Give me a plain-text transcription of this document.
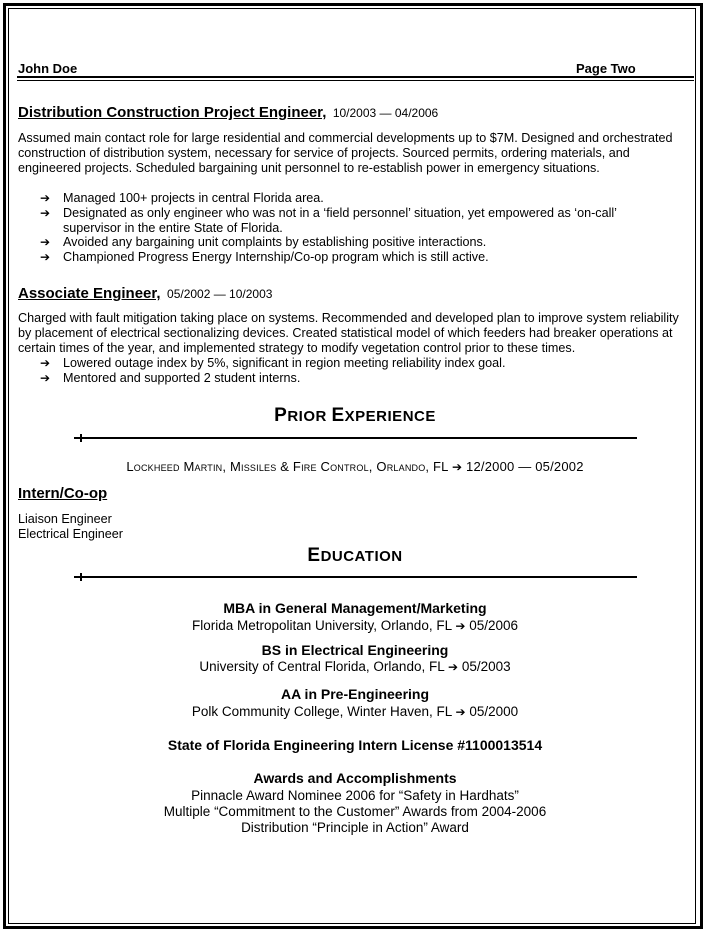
John Doe	Page Two
Distribution Construction Project Engineer, 10/2003 — 04/2006
Assumed main contact role for large residential and commercial developments up to $7M. Designed and orchestrated construction of distribution system, necessary for service of projects. Sourced permits, ordering materials, and engineered projects. Scheduled bargaining unit personnel to re-establish power in emergency situations.
➔ Managed 100+ projects in central Florida area.
➔ Designated as only engineer who was not in a ‘field personnel’ situation, yet empowered as ‘on-call’ supervisor in the entire State of Florida.
➔ Avoided any bargaining unit complaints by establishing positive interactions.
➔ Championed Progress Energy Internship/Co-op program which is still active.
Associate Engineer, 05/2002 — 10/2003
Charged with fault mitigation taking place on systems. Recommended and developed plan to improve system reliability by placement of electrical sectionalizing devices. Created statistical model of which feeders had breaker operations at certain times of the year, and implemented strategy to modify vegetation control prior to these times.
➔ Lowered outage index by 5%, significant in region meeting reliability index goal.
➔ Mentored and supported 2 student interns.
PRIOR EXPERIENCE
Lockheed Martin, Missiles & Fire Control, Orlando, FL ➔ 12/2000 — 05/2002
Intern/Co-op
Liaison Engineer
Electrical Engineer
EDUCATION
MBA in General Management/Marketing
Florida Metropolitan University, Orlando, FL ➔ 05/2006
BS in Electrical Engineering
University of Central Florida, Orlando, FL ➔ 05/2003
AA in Pre-Engineering
Polk Community College, Winter Haven, FL ➔ 05/2000
State of Florida Engineering Intern License #1100013514
Awards and Accomplishments
Pinnacle Award Nominee 2006 for “Safety in Hardhats”
Multiple “Commitment to the Customer” Awards from 2004-2006
Distribution “Principle in Action” Award
